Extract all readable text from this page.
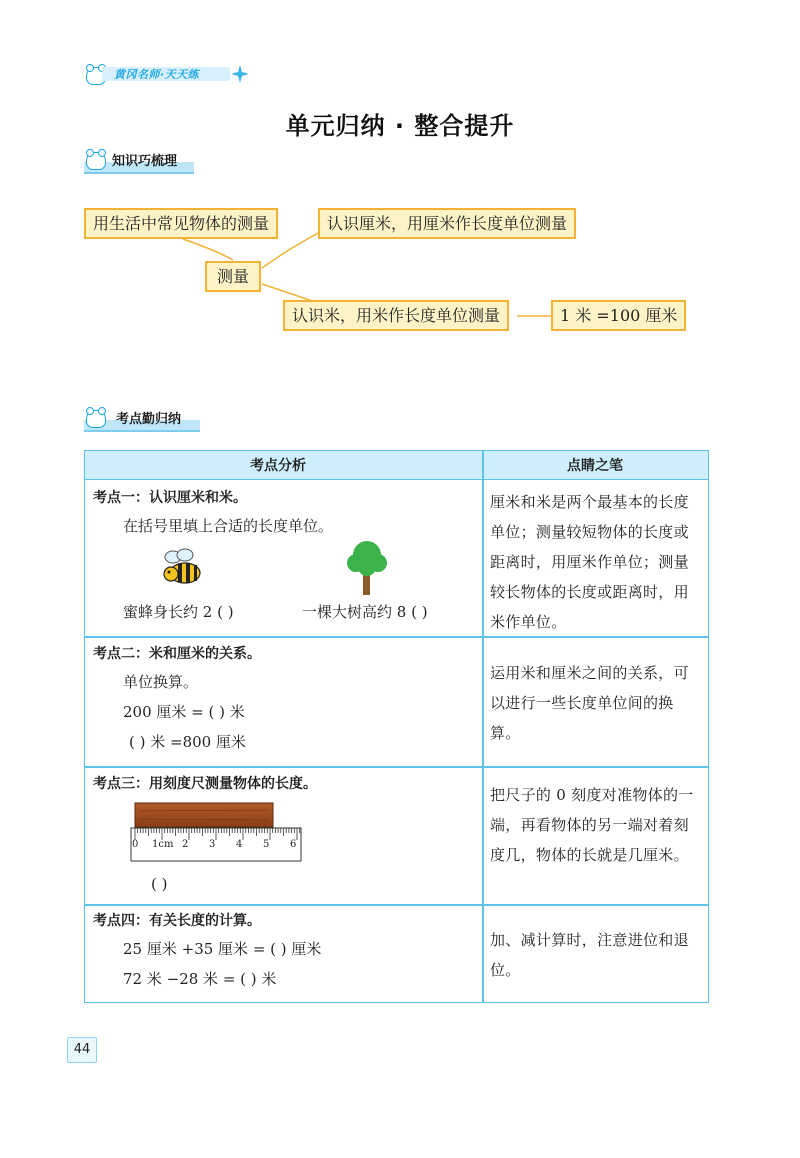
黄冈名师·天天练
单元归纳 · 整合提升
知识巧梳理
用生活中常见物体的测量	认识厘米，用厘米作长度单位测量
测量
认识米，用米作长度单位测量	1 米 =100 厘米
考点勤归纳
考点分析	点睛之笔
考点一：认识厘米和米。
在括号里填上合适的长度单位。
蜜蜂身长约 2 ( )	一棵大树高约 8 ( )
厘米和米是两个最基本的长度单位；测量较短物体的长度或距离时，用厘米作单位；测量较长物体的长度或距离时，用米作单位。
考点二：米和厘米的关系。
单位换算。
200 厘米 = ( ) 米
( ) 米 =800 厘米
运用米和厘米之间的关系，可以进行一些长度单位间的换算。
考点三：用刻度尺测量物体的长度。
0 1cm 2 3 4 5 6
( )
把尺子的 0 刻度对准物体的一端，再看物体的另一端对着刻度几，物体的长就是几厘米。
考点四：有关长度的计算。
25 厘米 +35 厘米 = ( ) 厘米
72 米 −28 米 = ( ) 米
加、减计算时，注意进位和退位。
44
